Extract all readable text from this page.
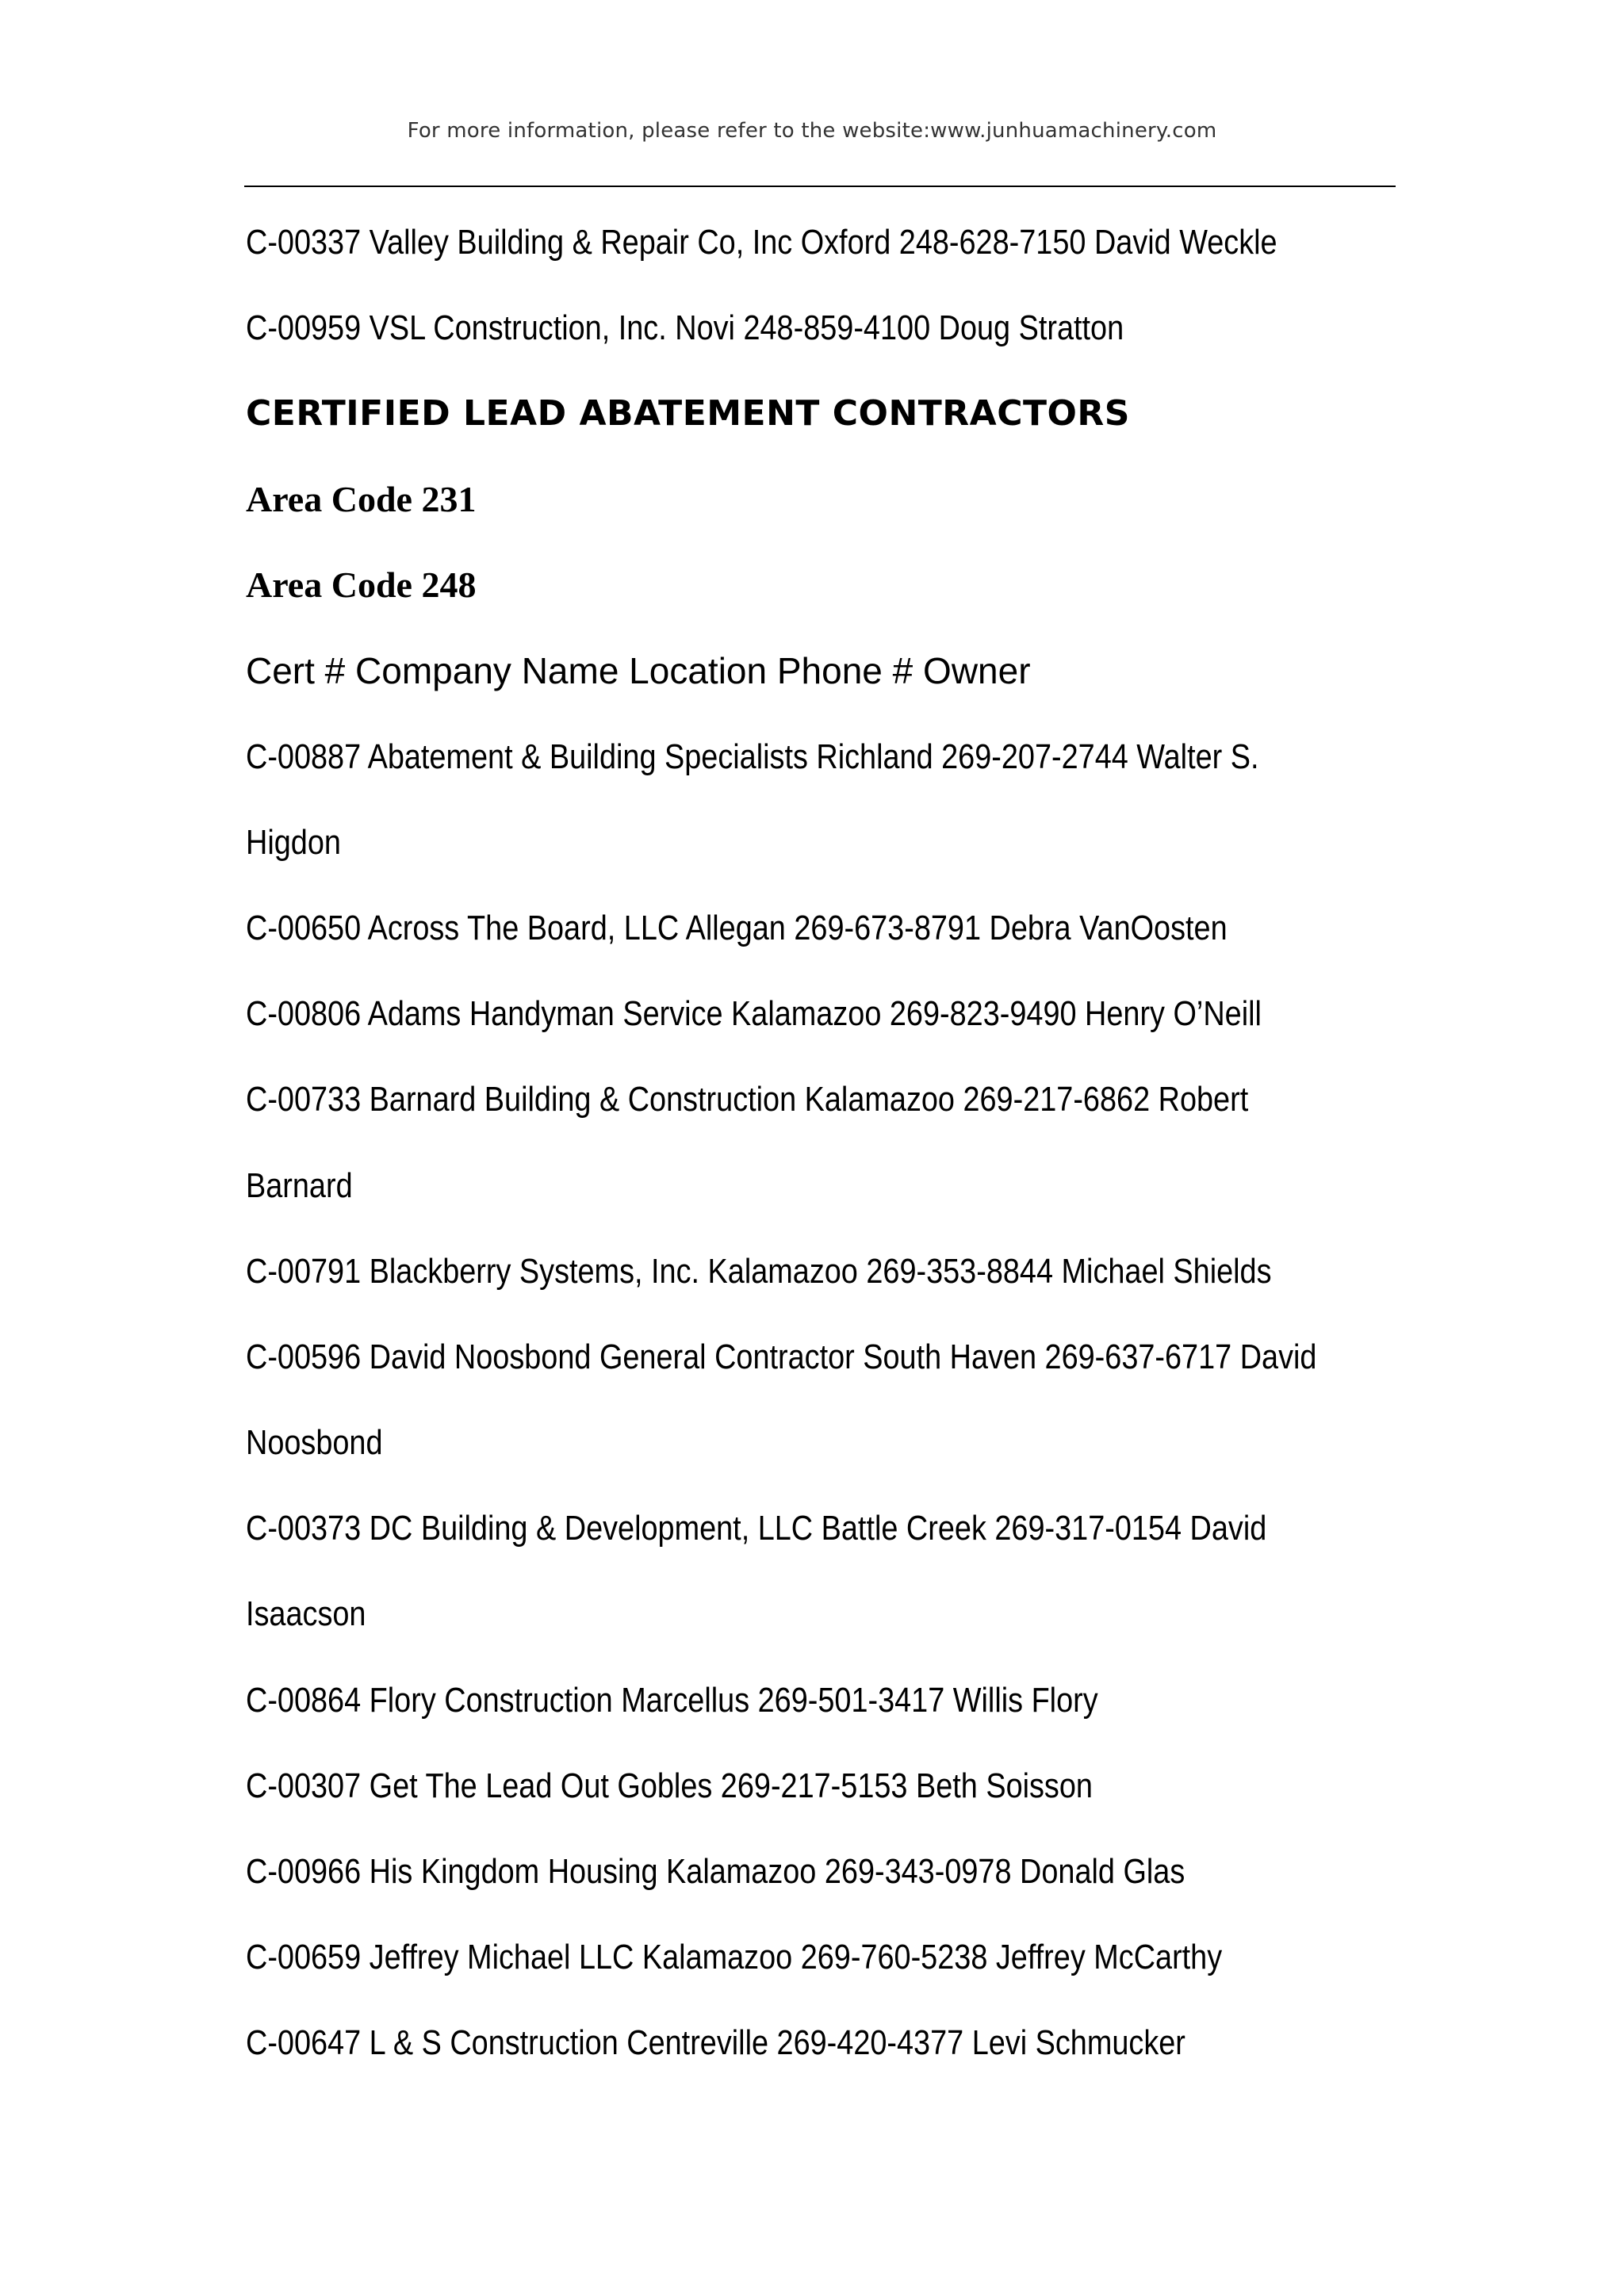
For more information, please refer to the website:www.junhuamachinery.com
C-00337 Valley Building & Repair Co, Inc Oxford 248-628-7150 David Weckle
C-00959 VSL Construction, Inc. Novi 248-859-4100 Doug Stratton
CERTIFIED LEAD ABATEMENT CONTRACTORS
Area Code 231
Area Code 248
Cert # Company Name Location Phone # Owner
C-00887 Abatement & Building Specialists Richland 269-207-2744 Walter S.
Higdon
C-00650 Across The Board, LLC Allegan 269-673-8791 Debra VanOosten
C-00806 Adams Handyman Service Kalamazoo 269-823-9490 Henry O’Neill
C-00733 Barnard Building & Construction Kalamazoo 269-217-6862 Robert
Barnard
C-00791 Blackberry Systems, Inc. Kalamazoo 269-353-8844 Michael Shields
C-00596 David Noosbond General Contractor South Haven 269-637-6717 David
Noosbond
C-00373 DC Building & Development, LLC Battle Creek 269-317-0154 David
Isaacson
C-00864 Flory Construction Marcellus 269-501-3417 Willis Flory
C-00307 Get The Lead Out Gobles 269-217-5153 Beth Soisson
C-00966 His Kingdom Housing Kalamazoo 269-343-0978 Donald Glas
C-00659 Jeffrey Michael LLC Kalamazoo 269-760-5238 Jeffrey McCarthy
C-00647 L & S Construction Centreville 269-420-4377 Levi Schmucker
